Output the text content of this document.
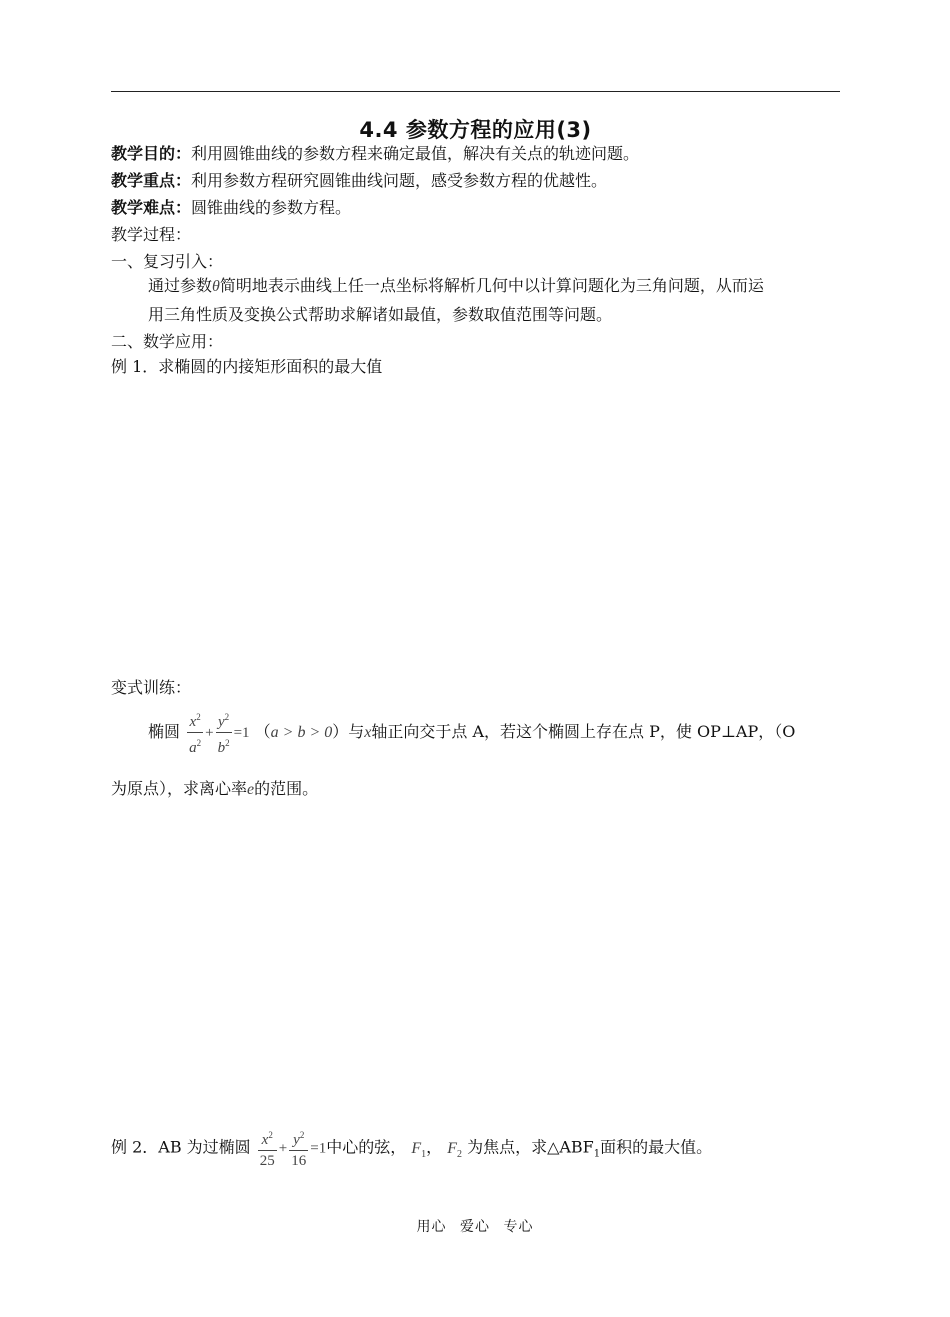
4.4 参数方程的应用(3)
教学目的：利用圆锥曲线的参数方程来确定最值，解决有关点的轨迹问题。
教学重点：利用参数方程研究圆锥曲线问题，感受参数方程的优越性。
教学难点：圆锥曲线的参数方程。
教学过程：
一、复习引入：
通过参数θ简明地表示曲线上任一点坐标将解析几何中以计算问题化为三角问题，从而运
用三角性质及变换公式帮助求解诸如最值，参数取值范围等问题。
二、数学应用：
例 1．求椭圆的内接矩形面积的最大值
变式训练：
椭圆 $\frac{x^2}{a^2} + \frac{y^2}{b^2} =1$ （a > b > 0）与x轴正向交于点 A，若这个椭圆上存在点 P，使 OP⊥AP，（O
为原点），求离心率e的范围。
例 2．AB 为过椭圆 $\frac{x^2}{25} + \frac{y^2}{16} =1$中心的弦， $F_1$， $F_2$ 为焦点，求$\triangle ABF_1$面积的最大值。
用心 爱心 专心
